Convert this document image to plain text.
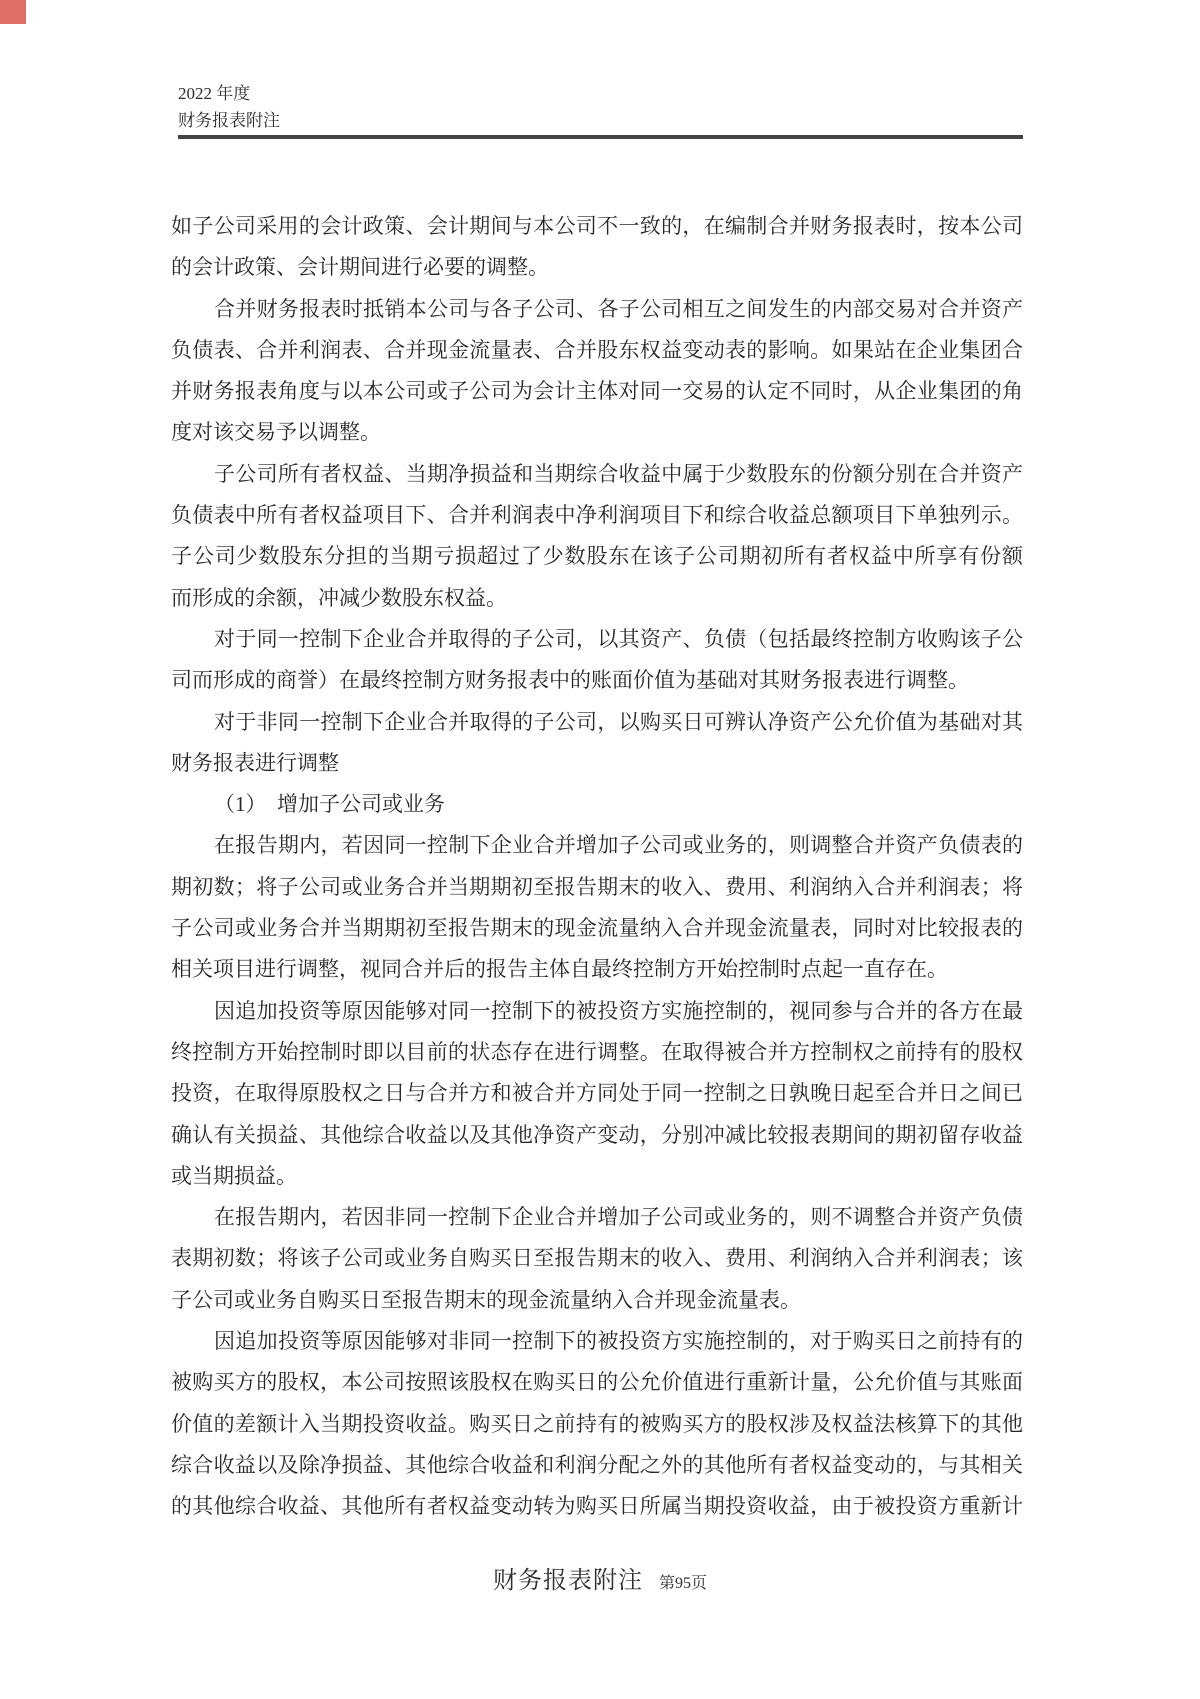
2022 年度
财务报表附注
如子公司采用的会计政策、会计期间与本公司不一致的，在编制合并财务报表时，按本公司
的会计政策、会计期间进行必要的调整。
合并财务报表时抵销本公司与各子公司、各子公司相互之间发生的内部交易对合并资产
负债表、合并利润表、合并现金流量表、合并股东权益变动表的影响。如果站在企业集团合
并财务报表角度与以本公司或子公司为会计主体对同一交易的认定不同时，从企业集团的角
度对该交易予以调整。
子公司所有者权益、当期净损益和当期综合收益中属于少数股东的份额分别在合并资产
负债表中所有者权益项目下、合并利润表中净利润项目下和综合收益总额项目下单独列示。
子公司少数股东分担的当期亏损超过了少数股东在该子公司期初所有者权益中所享有份额
而形成的余额，冲减少数股东权益。
对于同一控制下企业合并取得的子公司，以其资产、负债（包括最终控制方收购该子公
司而形成的商誉）在最终控制方财务报表中的账面价值为基础对其财务报表进行调整。
对于非同一控制下企业合并取得的子公司，以购买日可辨认净资产公允价值为基础对其
财务报表进行调整
（1）　增加子公司或业务
在报告期内，若因同一控制下企业合并增加子公司或业务的，则调整合并资产负债表的
期初数；将子公司或业务合并当期期初至报告期末的收入、费用、利润纳入合并利润表；将
子公司或业务合并当期期初至报告期末的现金流量纳入合并现金流量表，同时对比较报表的
相关项目进行调整，视同合并后的报告主体自最终控制方开始控制时点起一直存在。
因追加投资等原因能够对同一控制下的被投资方实施控制的，视同参与合并的各方在最
终控制方开始控制时即以目前的状态存在进行调整。在取得被合并方控制权之前持有的股权
投资，在取得原股权之日与合并方和被合并方同处于同一控制之日孰晚日起至合并日之间已
确认有关损益、其他综合收益以及其他净资产变动，分别冲减比较报表期间的期初留存收益
或当期损益。
在报告期内，若因非同一控制下企业合并增加子公司或业务的，则不调整合并资产负债
表期初数；将该子公司或业务自购买日至报告期末的收入、费用、利润纳入合并利润表；该
子公司或业务自购买日至报告期末的现金流量纳入合并现金流量表。
因追加投资等原因能够对非同一控制下的被投资方实施控制的，对于购买日之前持有的
被购买方的股权，本公司按照该股权在购买日的公允价值进行重新计量，公允价值与其账面
价值的差额计入当期投资收益。购买日之前持有的被购买方的股权涉及权益法核算下的其他
综合收益以及除净损益、其他综合收益和利润分配之外的其他所有者权益变动的，与其相关
的其他综合收益、其他所有者权益变动转为购买日所属当期投资收益，由于被投资方重新计
财务报表附注 第95页
